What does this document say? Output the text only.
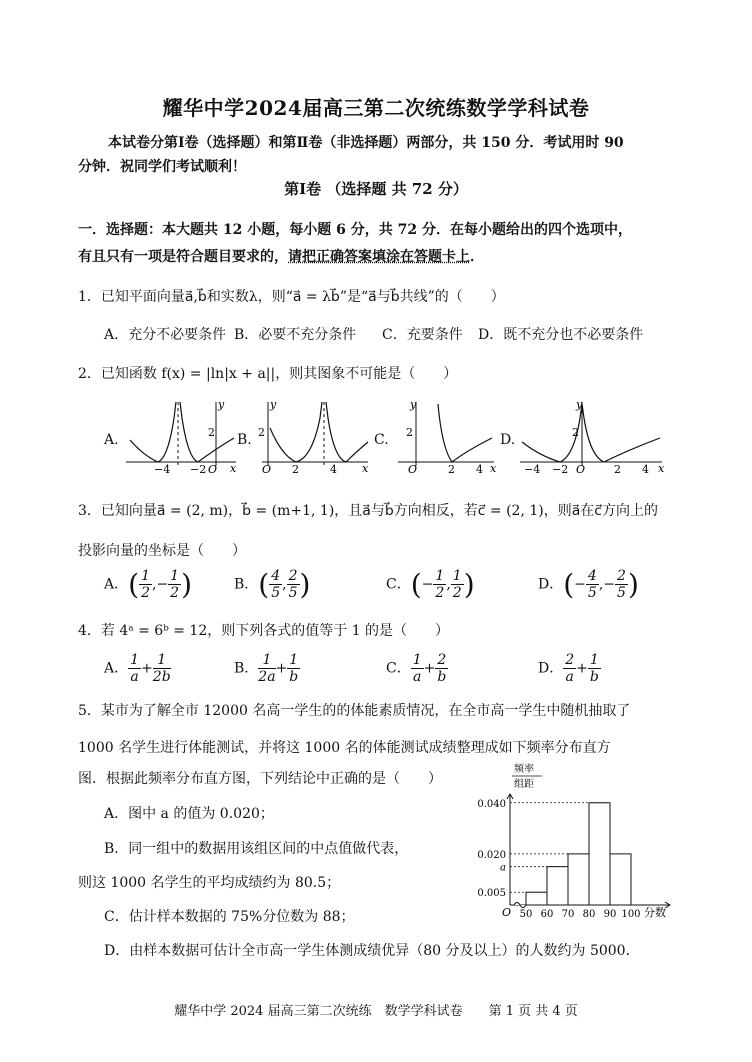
耀华中学2024届高三第二次统练数学学科试卷
本试卷分第Ⅰ卷（选择题）和第Ⅱ卷（非选择题）两部分，共 150 分．考试用时 90
分钟．祝同学们考试顺利！
第Ⅰ卷 （选择题 共 72 分）
一．选择题：本大题共 12 小题，每小题 6 分，共 72 分．在每小题给出的四个选项中，
有且只有一项是符合题目要求的，请把正确答案填涂在答题卡上．
1．已知平面向量a⃗,b⃗和实数λ，则“a⃗ = λb⃗”是“a⃗与b⃗共线”的（　　）
A．充分不必要条件 B．必要不充分条件 C．充要条件 D．既不充分也不必要条件
2．已知函数 f(x) = |ln|x + a||，则其图象不可能是（　　）
A.
−4 −2 O
2
x
y
B.
O 2	4
2
x
y
C.
O	2 4
2
x
y
D.
−4 −2 O	2 4
2
x
y
3．已知向量a⃗ = (2, m)，b⃗ = (m+1, 1)，且a⃗与b⃗方向相反，若c⃗ = (2, 1)，则a⃗在c⃗方向上的
投影向量的坐标是（　　）
A．( $\frac{1}{2}$ ,− $\frac{1}{2}$ )	B．( $\frac{4}{5}$ , $\frac{2}{5}$ )	C．(− $\frac{1}{2}$ , $\frac{1}{2}$ )	D．(− $\frac{4}{5}$ ,− $\frac{2}{5}$ )
4．若 4ᵃ = 6ᵇ = 12，则下列各式的值等于 1 的是（　　）
A． $\frac{1}{a} + \frac{1}{2b}$	B． $\frac{1}{2a} + \frac{1}{b}$	C． $\frac{1}{a} + \frac{2}{b}$	D． $\frac{2}{a} + \frac{1}{b}$
5．某市为了解全市 12000 名高一学生的的体能素质情况，在全市高一学生中随机抽取了
1000 名学生进行体能测试，并将这 1000 名的体能测试成绩整理成如下频率分布直方
图．根据此频率分布直方图，下列结论中正确的是（　　）
A．图中 a 的值为 0.020；
B．同一组中的数据用该组区间的中点值做代表，
则这 1000 名学生的平均成绩约为 80.5；
C．估计样本数据的 75%分位数为 88；
D．由样本数据可估计全市高一学生体测成绩优异（80 分及以上）的人数约为 5000．
频率
组距
分数
O
0.040
0.020
a
0.005
50 60 70 80 90 100
耀华中学 2024 届高三第二次统练　数学学科试卷　　第 1 页 共 4 页
